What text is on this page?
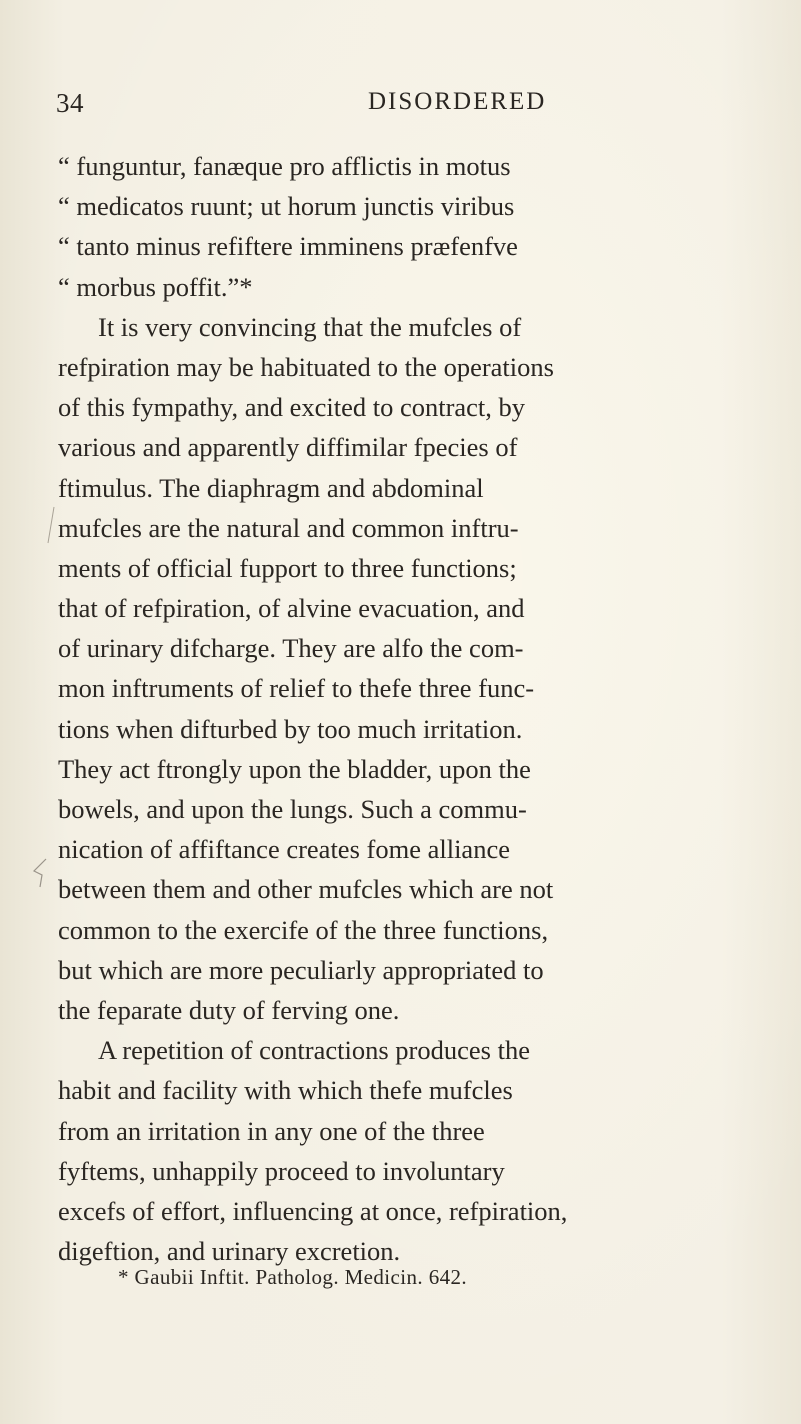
34	DISORDERED
“ funguntur, fanæque pro afflictis in motus
“ medicatos ruunt; ut horum junctis viribus
“ tanto minus refiftere imminens præfenfve
“ morbus poffit.”*
It is very convincing that the mufcles of
refpiration may be habituated to the operations
of this fympathy, and excited to contract, by
various and apparently diffimilar fpecies of
ftimulus. The diaphragm and abdominal
mufcles are the natural and common inftru-
ments of official fupport to three functions;
that of refpiration, of alvine evacuation, and
of urinary difcharge. They are alfo the com-
mon inftruments of relief to thefe three func-
tions when difturbed by too much irritation.
They act ftrongly upon the bladder, upon the
bowels, and upon the lungs. Such a commu-
nication of affiftance creates fome alliance
between them and other mufcles which are not
common to the exercife of the three functions,
but which are more peculiarly appropriated to
the feparate duty of ferving one.
A repetition of contractions produces the
habit and facility with which thefe mufcles
from an irritation in any one of the three
fyftems, unhappily proceed to involuntary
excefs of effort, influencing at once, refpiration,
digeftion, and urinary excretion.
* Gaubii Inftit. Patholog. Medicin. 642.
